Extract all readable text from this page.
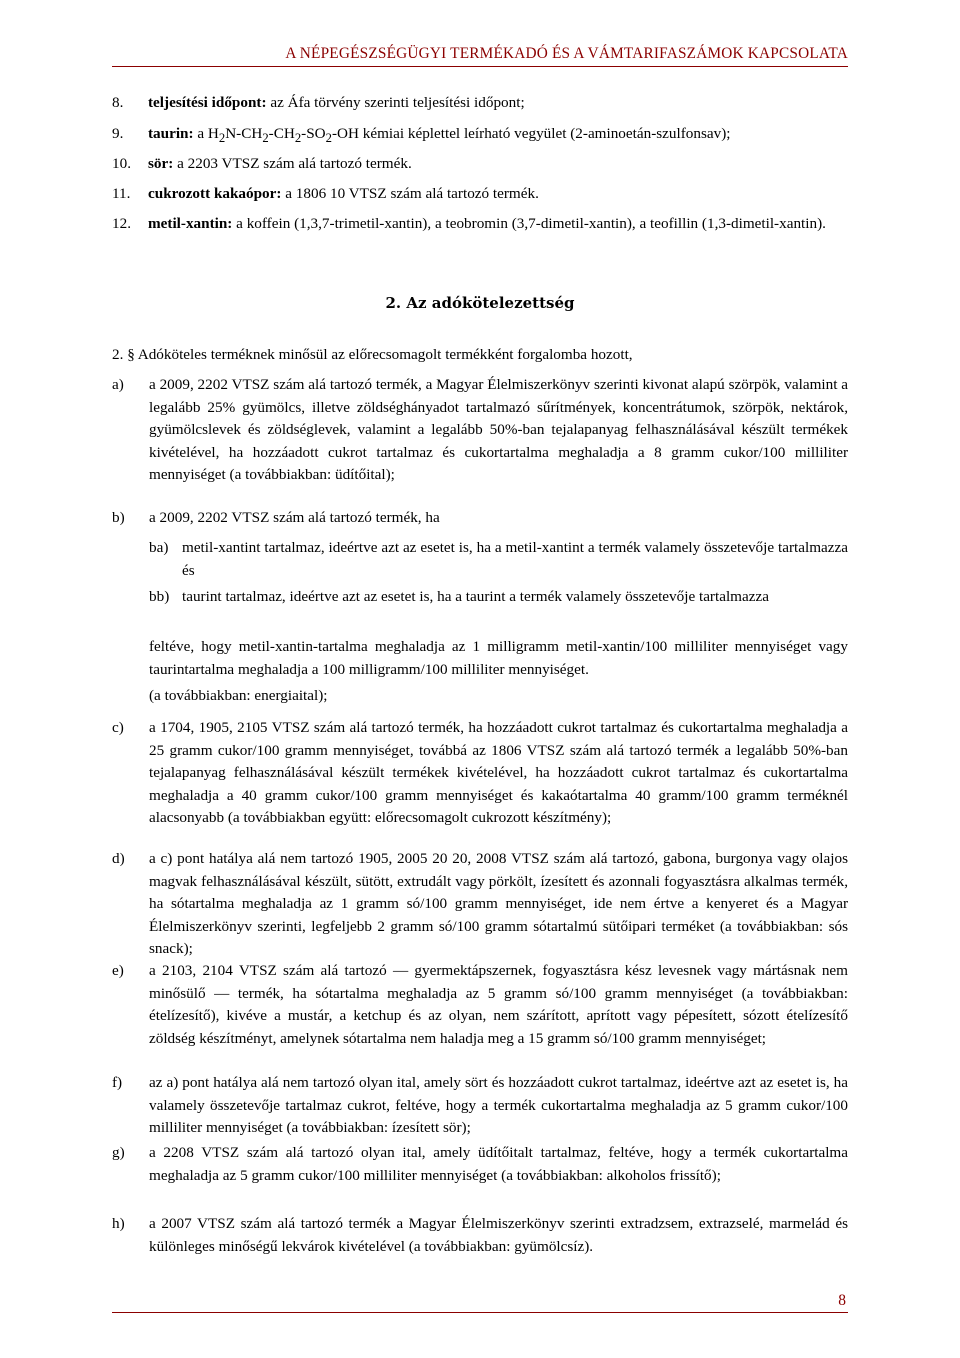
A NÉPEGÉSZSÉGÜGYI TERMÉKADÓ ÉS A VÁMTARIFASZÁMOK KAPCSOLATA
8. teljesítési időpont: az Áfa törvény szerinti teljesítési időpont;
9. taurin: a $H_2N-CH_2-CH_2-SO_2-OH$ kémiai képlettel leírható vegyület (2-aminoetán-szulfonsav);
10. sör: a 2203 VTSZ szám alá tartozó termék.
11. cukrozott kakaópor: a 1806 10 VTSZ szám alá tartozó termék.
12. metil-xantin: a koffein (1,3,7-trimetil-xantin), a teobromin (3,7-dimetil-xantin), a teofillin (1,3-dimetil-xantin).
2. Az adókötelezettség
2. § Adóköteles terméknek minősül az előrecsomagolt termékként forgalomba hozott,
a) a 2009, 2202 VTSZ szám alá tartozó termék, a Magyar Élelmiszerkönyv szerinti kivonat alapú szörpök, valamint a legalább 25% gyümölcs, illetve zöldséghányadot tartalmazó sűrítmények, koncentrátumok, szörpök, nektárok, gyümölcslevek és zöldséglevek, valamint a legalább 50%-ban tejalapanyag felhasználásával készült termékek kivételével, ha hozzáadott cukrot tartalmaz és cukortartalma meghaladja a 8 gramm cukor/100 milliliter mennyiséget (a továbbiakban: üdítőital);
b) a 2009, 2202 VTSZ szám alá tartozó termék, ha
ba) metil-xantint tartalmaz, ideértve azt az esetet is, ha a metil-xantint a termék valamely összetevője tartalmazza és
bb) taurint tartalmaz, ideértve azt az esetet is, ha a taurint a termék valamely összetevője tartalmazza
feltéve, hogy metil-xantin-tartalma meghaladja az 1 milligramm metil-xantin/100 milliliter mennyiséget vagy taurintartalma meghaladja a 100 milligramm/100 milliliter mennyiséget.
(a továbbiakban: energiaital);
c) a 1704, 1905, 2105 VTSZ szám alá tartozó termék, ha hozzáadott cukrot tartalmaz és cukortartalma meghaladja a 25 gramm cukor/100 gramm mennyiséget, továbbá az 1806 VTSZ szám alá tartozó termék a legalább 50%-ban tejalapanyag felhasználásával készült termékek kivételével, ha hozzáadott cukrot tartalmaz és cukortartalma meghaladja a 40 gramm cukor/100 gramm mennyiséget és kakaótartalma 40 gramm/100 gramm terméknél alacsonyabb (a továbbiakban együtt: előrecsomagolt cukrozott készítmény);
d) a c) pont hatálya alá nem tartozó 1905, 2005 20 20, 2008 VTSZ szám alá tartozó, gabona, burgonya vagy olajos magvak felhasználásával készült, sütött, extrudált vagy pörkölt, ízesített és azonnali fogyasztásra alkalmas termék, ha sótartalma meghaladja az 1 gramm só/100 gramm mennyiséget, ide nem értve a kenyeret és a Magyar Élelmiszerkönyv szerinti, legfeljebb 2 gramm só/100 gramm sótartalmú sütőipari terméket (a továbbiakban: sós snack);
e) a 2103, 2104 VTSZ szám alá tartozó ― gyermektápszernek, fogyasztásra kész levesnek vagy mártásnak nem minősülő ― termék, ha sótartalma meghaladja az 5 gramm só/100 gramm mennyiséget (a továbbiakban: ételízesítő), kivéve a mustár, a ketchup és az olyan, nem szárított, aprított vagy pépesített, sózott ételízesítő zöldség készítményt, amelynek sótartalma nem haladja meg a 15 gramm só/100 gramm mennyiséget;
f) az a) pont hatálya alá nem tartozó olyan ital, amely sört és hozzáadott cukrot tartalmaz, ideértve azt az esetet is, ha valamely összetevője tartalmaz cukrot, feltéve, hogy a termék cukortartalma meghaladja az 5 gramm cukor/100 milliliter mennyiséget (a továbbiakban: ízesített sör);
g) a 2208 VTSZ szám alá tartozó olyan ital, amely üdítőitalt tartalmaz, feltéve, hogy a termék cukortartalma meghaladja az 5 gramm cukor/100 milliliter mennyiséget (a továbbiakban: alkoholos frissítő);
h) a 2007 VTSZ szám alá tartozó termék a Magyar Élelmiszerkönyv szerinti extradzsem, extrazselé, marmelád és különleges minőségű lekvárok kivételével (a továbbiakban: gyümölcsíz).
8
